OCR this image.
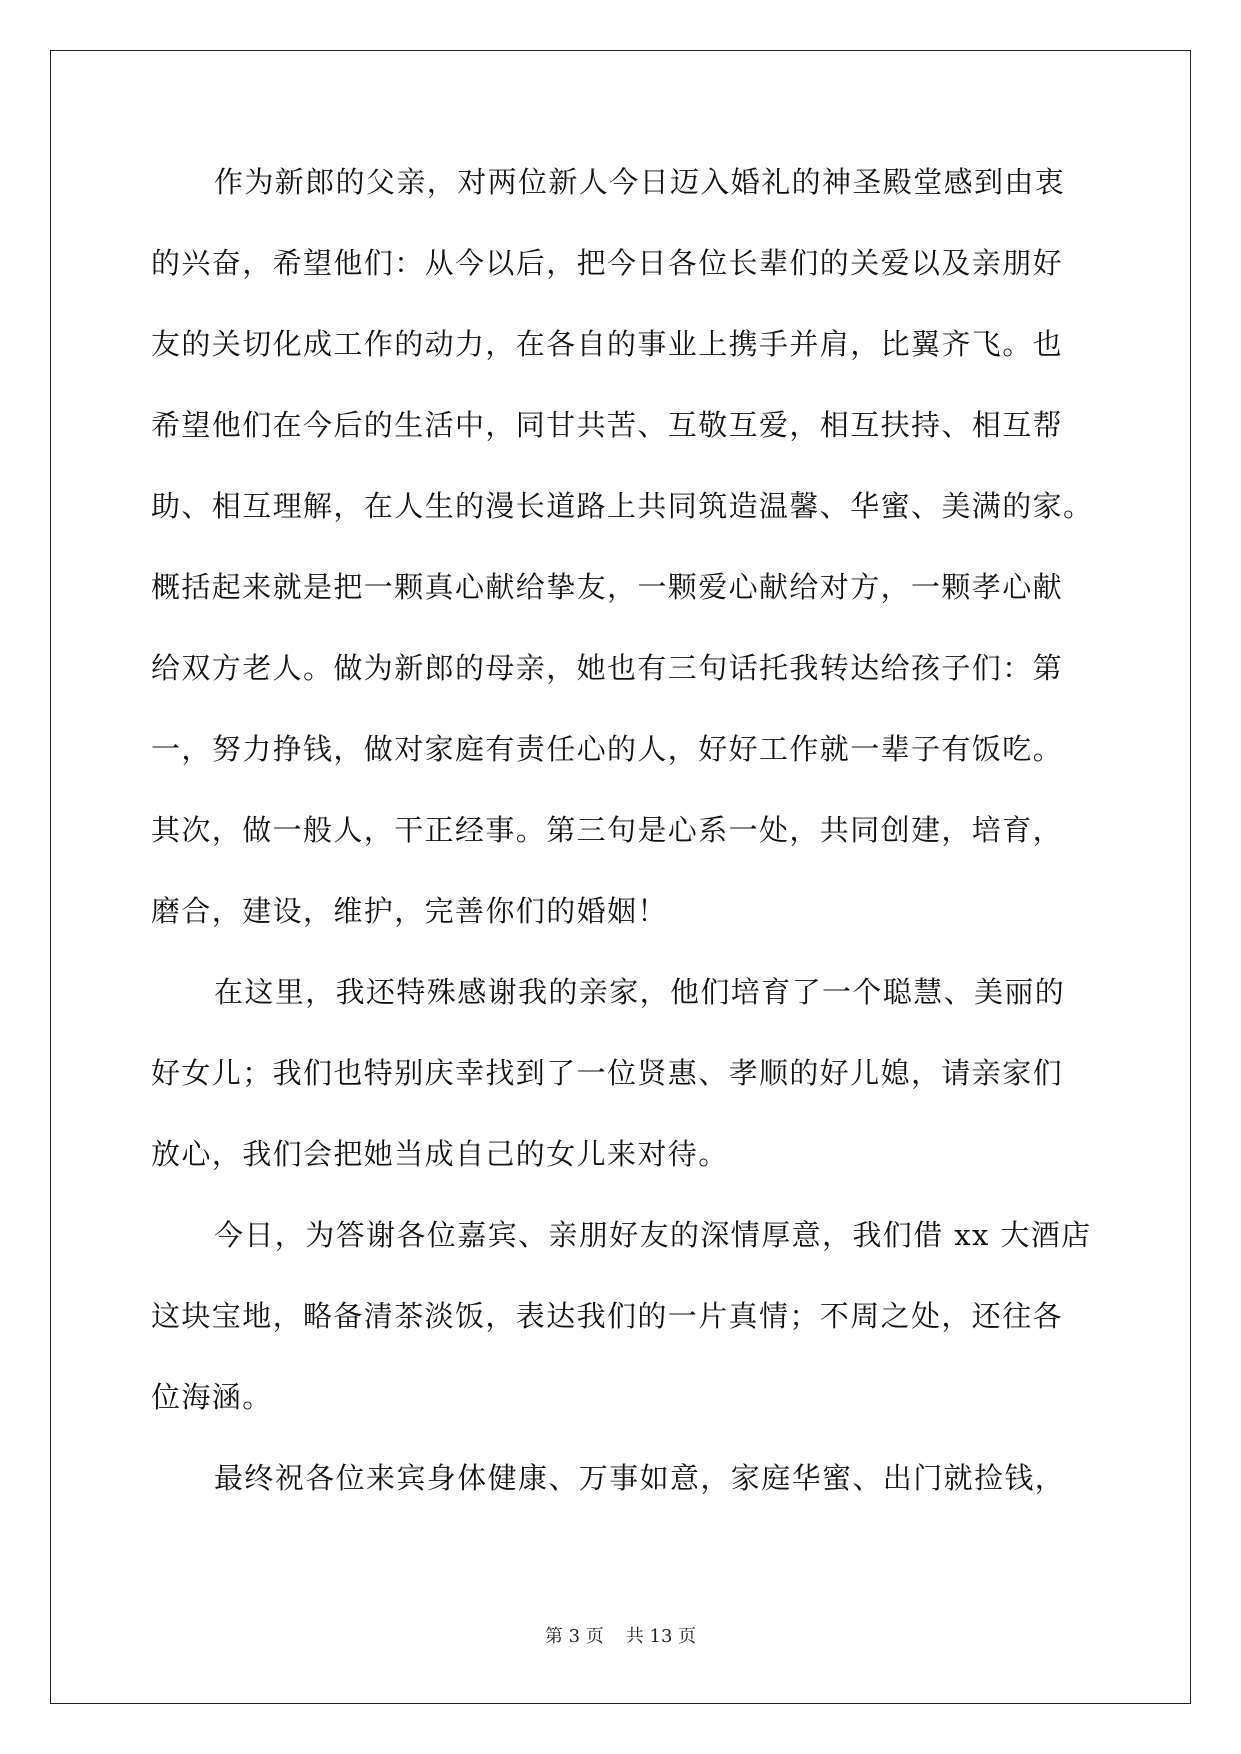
作为新郎的父亲，对两位新人今日迈入婚礼的神圣殿堂感到由衷
的兴奋，希望他们：从今以后，把今日各位长辈们的关爱以及亲朋好
友的关切化成工作的动力，在各自的事业上携手并肩，比翼齐飞。也
希望他们在今后的生活中，同甘共苦、互敬互爱，相互扶持、相互帮
助、相互理解，在人生的漫长道路上共同筑造温馨、华蜜、美满的家。
概括起来就是把一颗真心献给挚友，一颗爱心献给对方，一颗孝心献
给双方老人。做为新郎的母亲，她也有三句话托我转达给孩子们：第
一，努力挣钱，做对家庭有责任心的人，好好工作就一辈子有饭吃。
其次，做一般人，干正经事。第三句是心系一处，共同创建，培育，
磨合，建设，维护，完善你们的婚姻！
在这里，我还特殊感谢我的亲家，他们培育了一个聪慧、美丽的
好女儿；我们也特别庆幸找到了一位贤惠、孝顺的好儿媳，请亲家们
放心，我们会把她当成自己的女儿来对待。
今日，为答谢各位嘉宾、亲朋好友的深情厚意，我们借 xx 大酒店
这块宝地，略备清茶淡饭，表达我们的一片真情；不周之处，还往各
位海涵。
最终祝各位来宾身体健康、万事如意，家庭华蜜、出门就捡钱，
第 3 页 共 13 页
